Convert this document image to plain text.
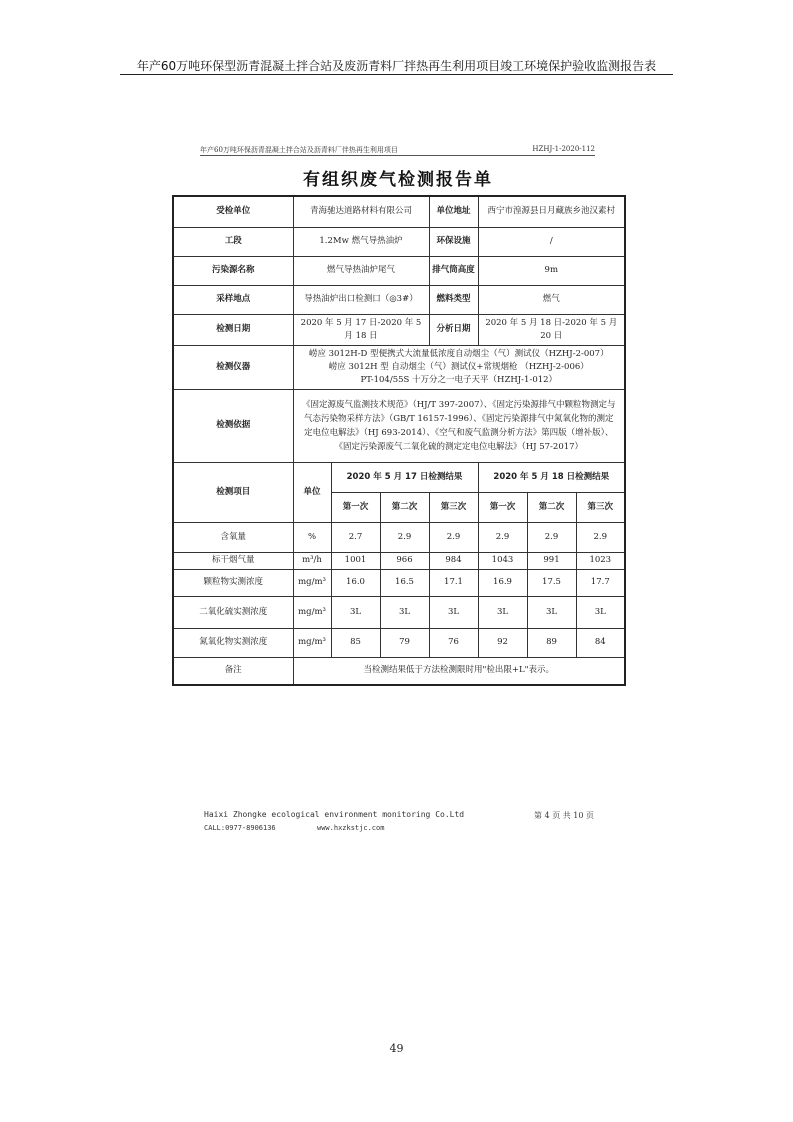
年产60万吨环保型沥青混凝土拌合站及废沥青料厂拌热再生利用项目竣工环境保护验收监测报告表
年产60万吨环保沥青混凝土拌合站及沥青料厂伴热再生利用项目	HZHJ-1-2020-112
有组织废气检测报告单
受检单位	青海驰达道路材料有限公司			单位地址	西宁市湟源县日月藏族乡池汉素村		
工段	1.2Mw 燃气导热油炉			环保设施	/		
污染源名称	燃气导热油炉尾气			排气筒高度	9m		
采样地点	导热油炉出口检测口（◎3#）			燃料类型	燃气		
检测日期	2020 年 5 月 17 日-2020 年 5 月 18 日			分析日期	2020 年 5 月 18 日-2020 年 5 月 20 日		
检测仪器	崂应 3012H-D 型便携式大流量低浓度自动烟尘（气）测试仪（HZHJ-2-007）
崂应 3012H 型 自动烟尘（气）测试仪+常规烟枪 （HZHJ-2-006）
PT-104/55S 十万分之一电子天平（HZHJ-1-012）						

检测依据	《固定源废气监测技术规范》（HJ/T 397-2007）、《固定污染源排气中颗粒物测定与气态污染物采样方法》（GB/T 16157-1996）、《固定污染源排气中氮氧化物的测定 定电位电解法》（HJ 693-2014）、《空气和废气监测分析方法》第四版（增补版）、《固定污染源废气二氧化硫的测定定电位电解法》（HJ 57-2017）						
检测项目	单位	2020 年 5 月 17 日检测结果			2020 年 5 月 18 日检测结果		
		第一次	第二次	第三次	第一次	第二次	第三次
含氧量	%	2.7	2.9	2.9	2.9	2.9	2.9
标干烟气量	m³/h	1001	966	984	1043	991	1023
颗粒物实测浓度	mg/m³	16.0	16.5	17.1	16.9	17.5	17.7
二氧化硫实测浓度	mg/m³	3L	3L	3L	3L	3L	3L
氮氧化物实测浓度	mg/m³	85	79	76	92	89	84
备注	当检测结果低于方法检测限时用"检出限+L"表示。						
Haixi Zhongke ecological environment monitoring Co.Ltd	第 4 页 共 10 页
CALL:0977-8906136	www.hxzkstjc.com
49
